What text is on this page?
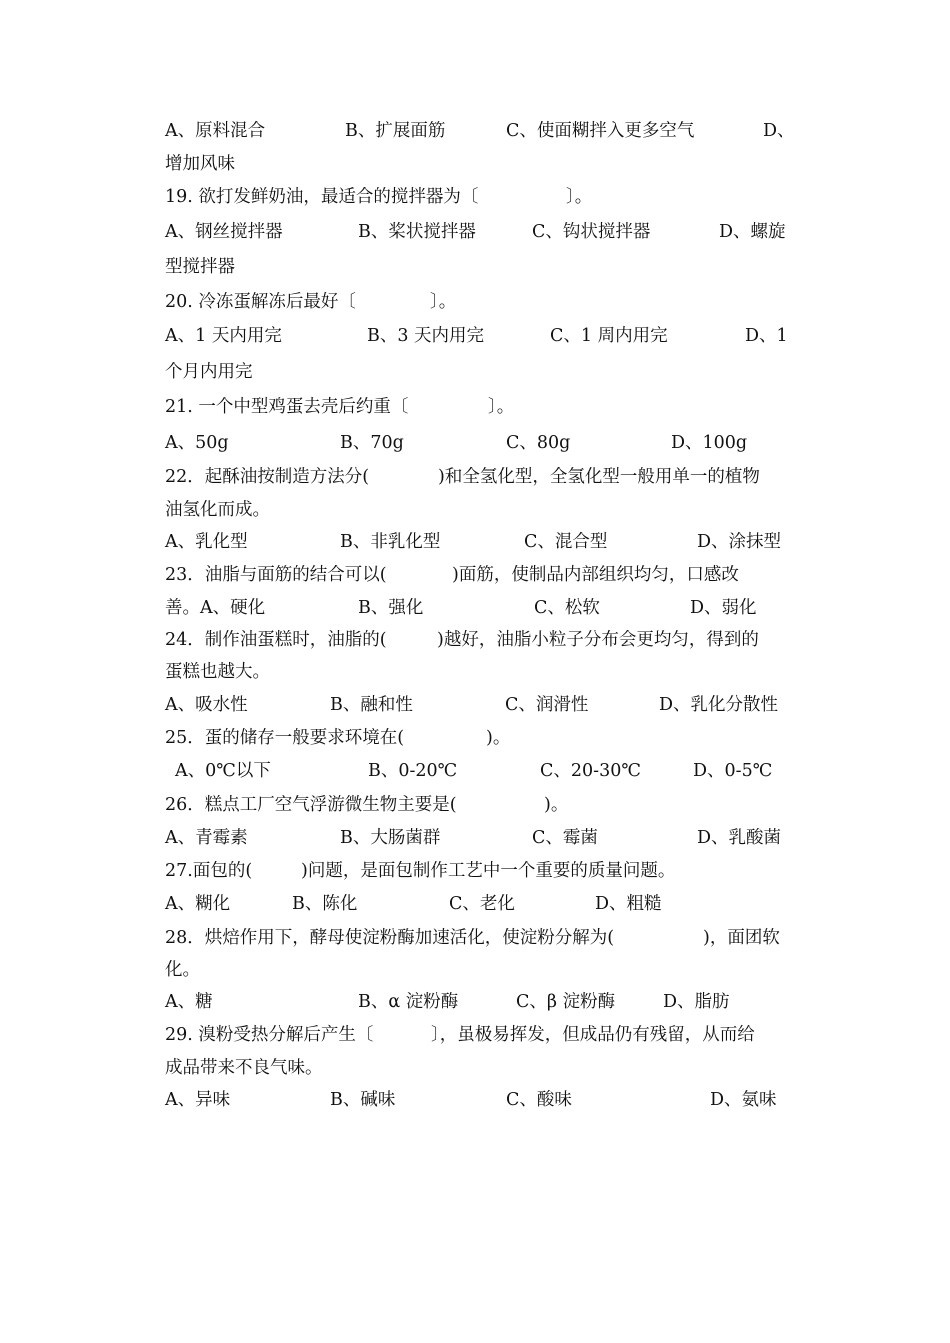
A、原料混合	B、扩展面筋	C、使面糊拌入更多空气	D、
增加风味
19. 欲打发鲜奶油，最适合的搅拌器为〔	〕。
A、钢丝搅拌器	B、桨状搅拌器	C、钩状搅拌器	D、螺旋
型搅拌器
20. 冷冻蛋解冻后最好〔	〕。
A、1 天内用完	B、3 天内用完	C、1 周内用完	D、1
个月内用完
21. 一个中型鸡蛋去壳后约重〔	〕。
A、50g	B、70g	C、80g	D、100g
22．起酥油按制造方法分(	)和全氢化型，全氢化型一般用单一的植物
油氢化而成。
A、乳化型	B、非乳化型	C、混合型	D、涂抹型
23．油脂与面筋的结合可以(	)面筋，使制品内部组织均匀，口感改
善。A、硬化	B、强化	C、松软	D、弱化
24．制作油蛋糕时，油脂的(	)越好，油脂小粒子分布会更均匀，得到的
蛋糕也越大。
A、吸水性	B、融和性	C、润滑性	D、乳化分散性
25．蛋的储存一般要求环境在(	)。
A、0℃以下	B、0-20℃	C、20-30℃	D、0-5℃
26．糕点工厂空气浮游微生物主要是(	)。
A、青霉素	B、大肠菌群	C、霉菌	D、乳酸菌
27.面包的(	)问题，是面包制作工艺中一个重要的质量问题。
A、糊化	B、陈化	C、老化	D、粗糙
28．烘焙作用下，酵母使淀粉酶加速活化，使淀粉分解为(	)，面团软
化。
A、糖	B、α 淀粉酶	C、β 淀粉酶	D、脂肪
29. 溴粉受热分解后产生〔	〕，虽极易挥发，但成品仍有残留，从而给
成品带来不良气味。
A、异味	B、碱味	C、酸味	D、氨味
